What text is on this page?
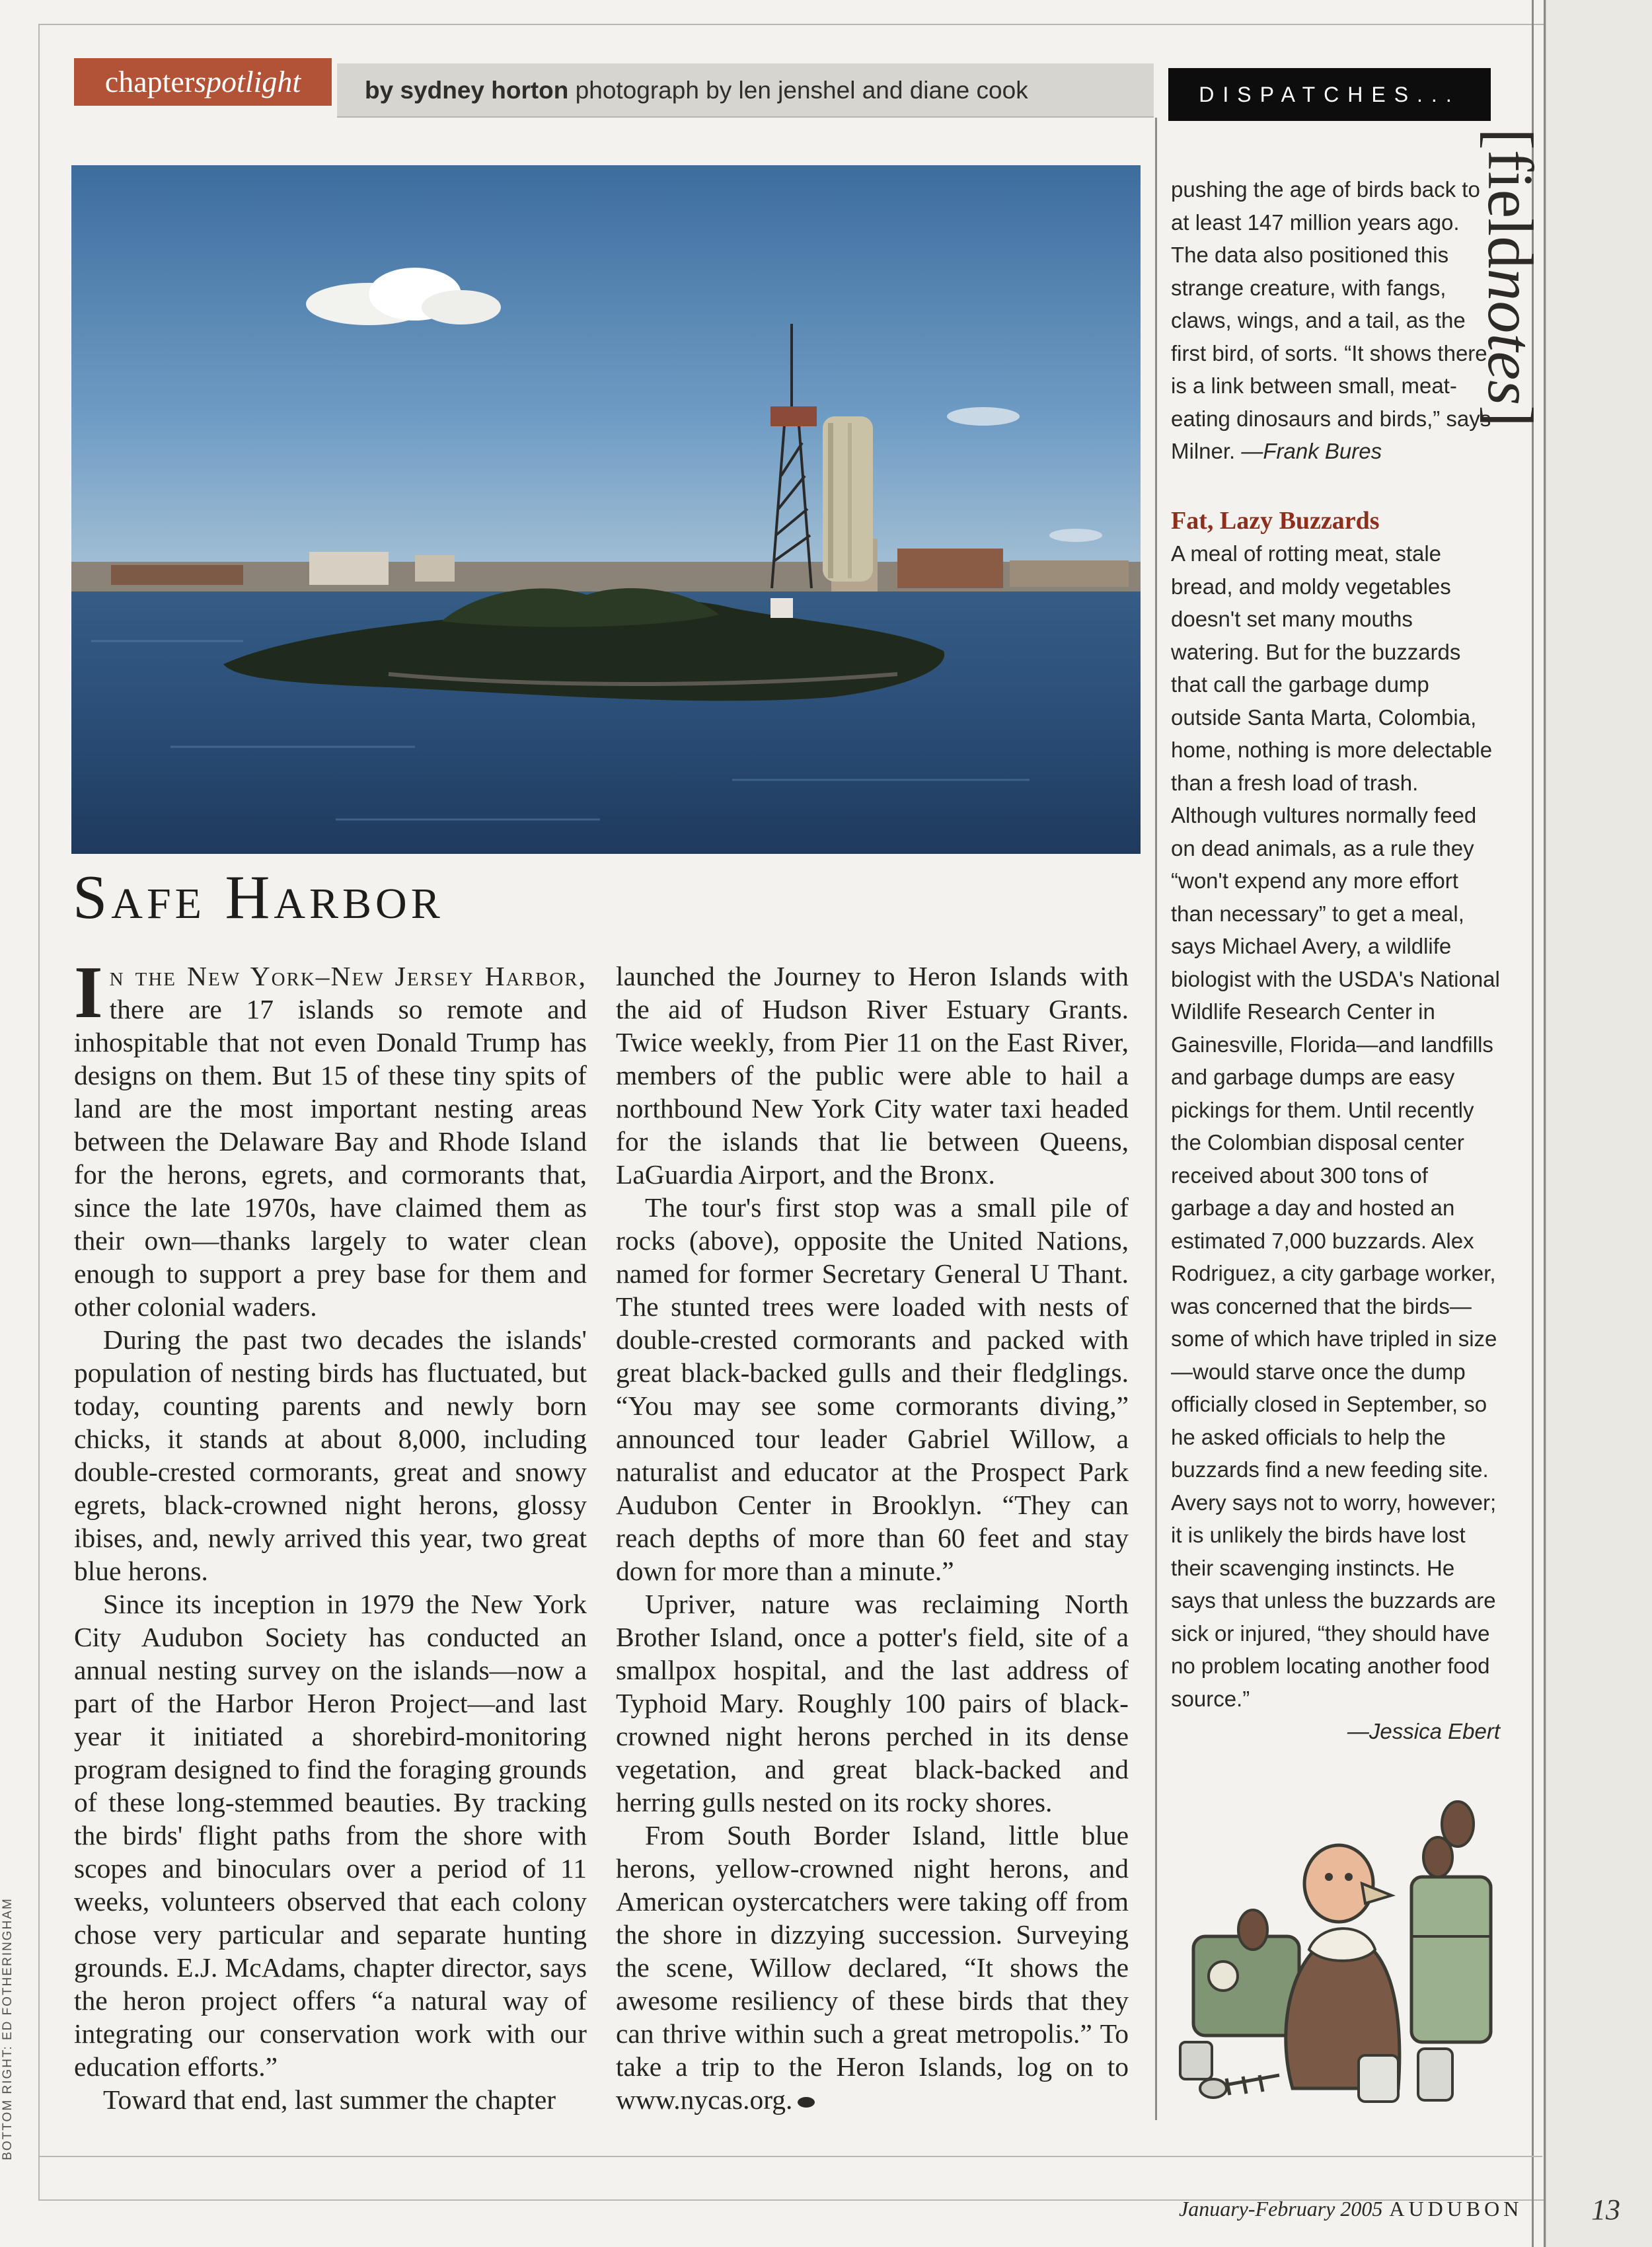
chapterspotlight	by sydney horton photograph by len jenshel and diane cook	DISPATCHES...
[fieldnotes]
Safe Harbor

In the New York–New Jersey Harbor, there are 17 islands so remote and inhospitable that not even Donald Trump has designs on them. But 15 of these tiny spits of land are the most important nesting areas between the Delaware Bay and Rhode Island for the herons, egrets, and cormorants that, since the late 1970s, have claimed them as their own—thanks largely to water clean enough to support a prey base for them and other colonial waders.

During the past two decades the islands' population of nesting birds has fluctuated, but today, counting parents and newly born chicks, it stands at about 8,000, including double-crested cormorants, great and snowy egrets, black-crowned night herons, glossy ibises, and, newly arrived this year, two great blue herons.

Since its inception in 1979 the New York City Audubon Society has conducted an annual nesting survey on the islands—now a part of the Harbor Heron Project—and last year it initiated a shorebird-monitoring program designed to find the foraging grounds of these long-stemmed beauties. By tracking the birds' flight paths from the shore with scopes and binoculars over a period of 11 weeks, volunteers observed that each colony chose very particular and separate hunting grounds. E.J. McAdams, chapter director, says the heron project offers “a natural way of integrating our conservation work with our education efforts.”

Toward that end, last summer the chapter

launched the Journey to Heron Islands with the aid of Hudson River Estuary Grants. Twice weekly, from Pier 11 on the East River, members of the public were able to hail a northbound New York City water taxi headed for the islands that lie between Queens, LaGuardia Airport, and the Bronx.

The tour's first stop was a small pile of rocks (above), opposite the United Nations, named for former Secretary General U Thant. The stunted trees were loaded with nests of double-crested cormorants and packed with great black-backed gulls and their fledglings. “You may see some cormorants diving,” announced tour leader Gabriel Willow, a naturalist and educator at the Prospect Park Audubon Center in Brooklyn. “They can reach depths of more than 60 feet and stay down for more than a minute.”

Upriver, nature was reclaiming North Brother Island, once a potter's field, site of a smallpox hospital, and the last address of Typhoid Mary. Roughly 100 pairs of black-crowned night herons perched in its dense vegetation, and great black-backed and herring gulls nested on its rocky shores.

From South Border Island, little blue herons, yellow-crowned night herons, and American oystercatchers were taking off from the shore in dizzying succession. Surveying the scene, Willow declared, “It shows the awesome resiliency of these birds that they can thrive within such a great metropolis.” To take a trip to the Heron Islands, log on to www.nycas.org.

pushing the age of birds back to at least 147 million years ago. The data also positioned this strange creature, with fangs, claws, wings, and a tail, as the first bird, of sorts. “It shows there is a link between small, meat-eating dinosaurs and birds,” says Milner. —Frank Bures

Fat, Lazy Buzzards

A meal of rotting meat, stale bread, and moldy vegetables doesn't set many mouths watering. But for the buzzards that call the garbage dump outside Santa Marta, Colombia, home, nothing is more delectable than a fresh load of trash. Although vultures normally feed on dead animals, as a rule they “won't expend any more effort than necessary” to get a meal, says Michael Avery, a wildlife biologist with the USDA's National Wildlife Research Center in Gainesville, Florida—and landfills and garbage dumps are easy pickings for them. Until recently the Colombian disposal center received about 300 tons of garbage a day and hosted an estimated 7,000 buzzards. Alex Rodriguez, a city garbage worker, was concerned that the birds—some of which have tripled in size—would starve once the dump officially closed in September, so he asked officials to help the buzzards find a new feeding site. Avery says not to worry, however; it is unlikely the birds have lost their scavenging instincts. He says that unless the buzzards are sick or injured, “they should have no problem locating another food source.”

—Jessica Ebert

January-February 2005 AUDUBON 13
BOTTOM RIGHT: ED FOTHERINGHAM
